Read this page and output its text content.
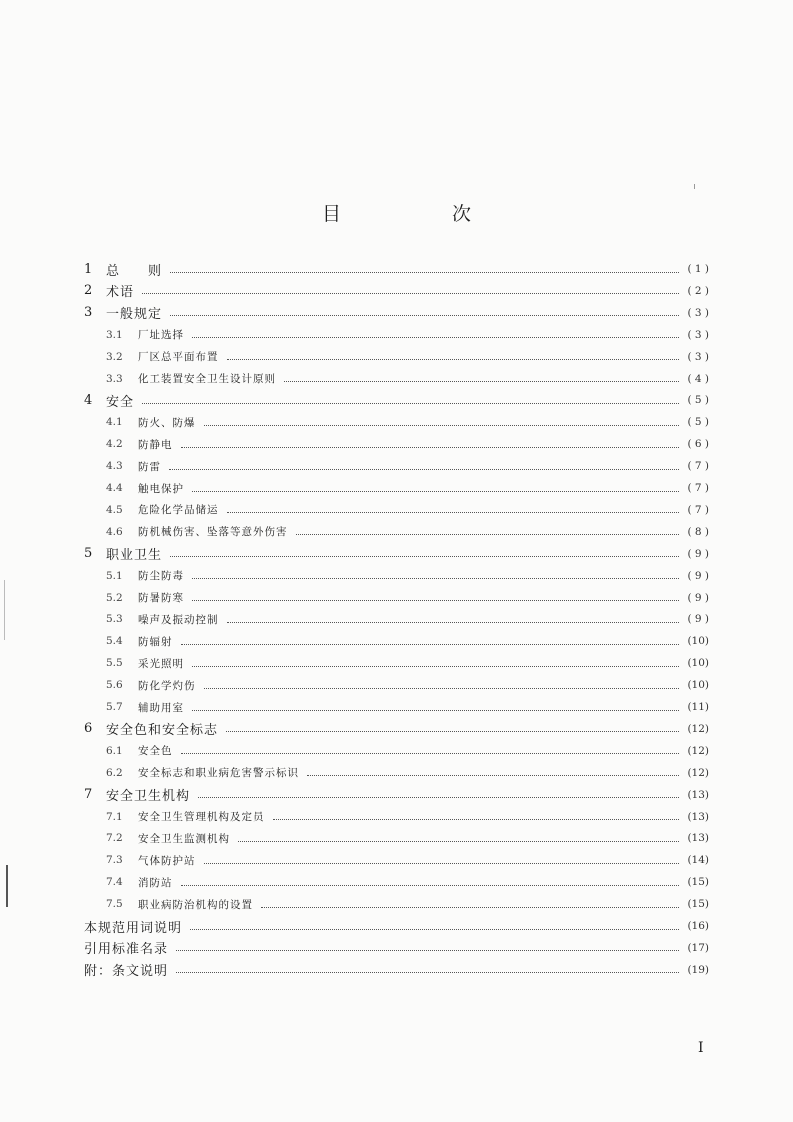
目　次
1	总　　则	( 1 )
2	术语	( 2 )
3	一般规定	( 3 )
3.1	厂址选择	( 3 )
3.2	厂区总平面布置	( 3 )
3.3	化工装置安全卫生设计原则	( 4 )
4	安全	( 5 )
4.1	防火、防爆	( 5 )
4.2	防静电	( 6 )
4.3	防雷	( 7 )
4.4	触电保护	( 7 )
4.5	危险化学品储运	( 7 )
4.6	防机械伤害、坠落等意外伤害	( 8 )
5	职业卫生	( 9 )
5.1	防尘防毒	( 9 )
5.2	防暑防寒	( 9 )
5.3	噪声及振动控制	( 9 )
5.4	防辐射	(10)
5.5	采光照明	(10)
5.6	防化学灼伤	(10)
5.7	辅助用室	(11)
6	安全色和安全标志	(12)
6.1	安全色	(12)
6.2	安全标志和职业病危害警示标识	(12)
7	安全卫生机构	(13)
7.1	安全卫生管理机构及定员	(13)
7.2	安全卫生监测机构	(13)
7.3	气体防护站	(14)
7.4	消防站	(15)
7.5	职业病防治机构的设置	(15)
本规范用词说明	(16)
引用标准名录	(17)
附：条文说明	(19)
I
